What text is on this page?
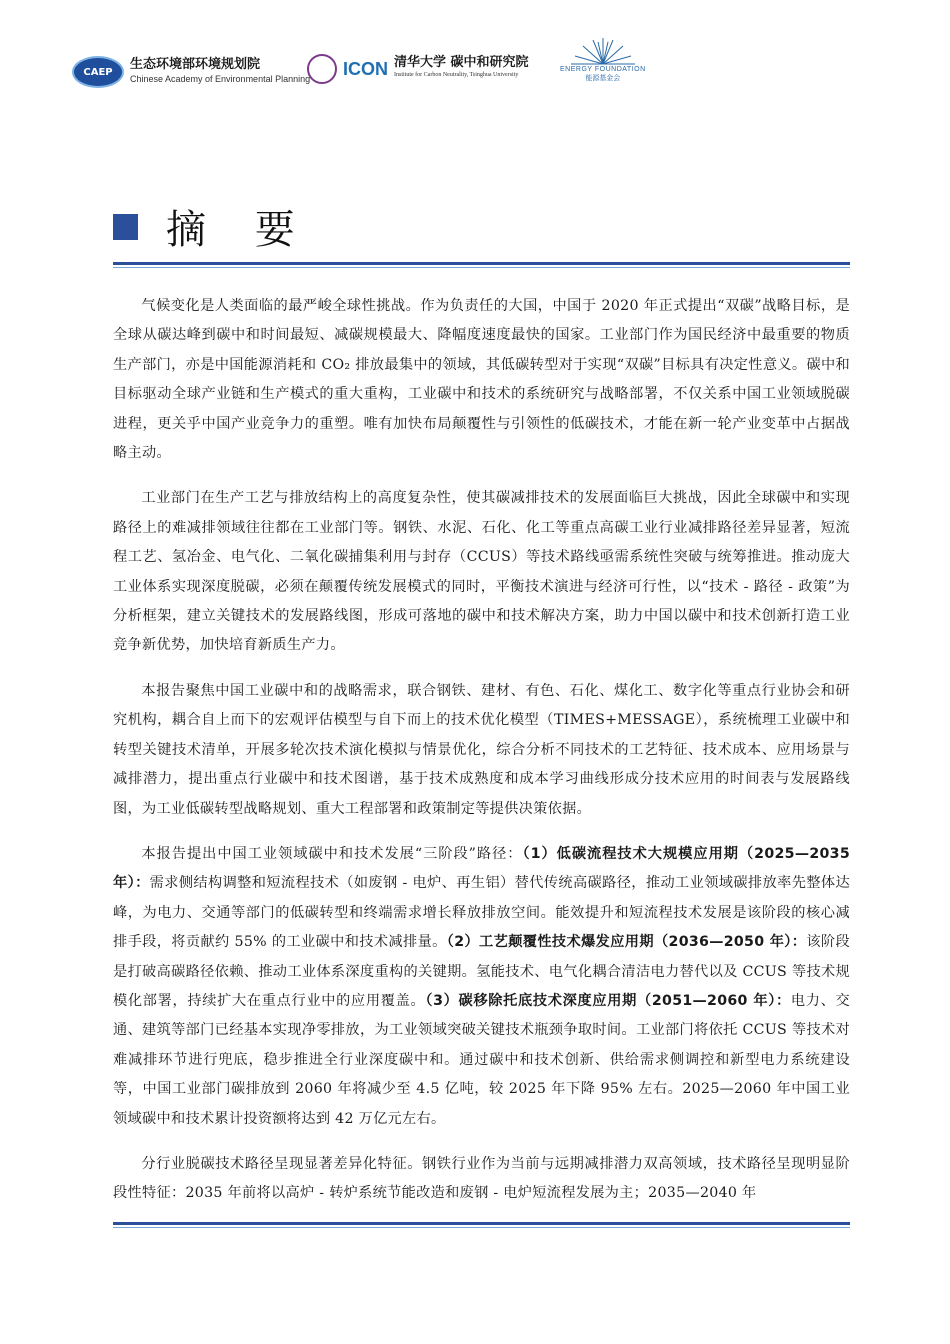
CAEP	生态环境部环境规划院
Chinese Academy of Environmental Planning
ICON 清华大学 碳中和研究院
Institute for Carbon Neutrality, Tsinghua University
ENERGY FOUNDATION
能源基金会
摘 要

气候变化是人类面临的最严峻全球性挑战。作为负责任的大国，中国于 2020 年正式提出“双碳”战略目标，是全球从碳达峰到碳中和时间最短、减碳规模最大、降幅度速度最快的国家。工业部门作为国民经济中最重要的物质生产部门，亦是中国能源消耗和 CO₂ 排放最集中的领域，其低碳转型对于实现“双碳”目标具有决定性意义。碳中和目标驱动全球产业链和生产模式的重大重构，工业碳中和技术的系统研究与战略部署，不仅关系中国工业领域脱碳进程，更关乎中国产业竞争力的重塑。唯有加快布局颠覆性与引领性的低碳技术，才能在新一轮产业变革中占据战略主动。

工业部门在生产工艺与排放结构上的高度复杂性，使其碳减排技术的发展面临巨大挑战，因此全球碳中和实现路径上的难减排领域往往都在工业部门等。钢铁、水泥、石化、化工等重点高碳工业行业减排路径差异显著，短流程工艺、氢冶金、电气化、二氧化碳捕集利用与封存（CCUS）等技术路线亟需系统性突破与统筹推进。推动庞大工业体系实现深度脱碳，必须在颠覆传统发展模式的同时，平衡技术演进与经济可行性，以“技术 - 路径 - 政策”为分析框架，建立关键技术的发展路线图，形成可落地的碳中和技术解决方案，助力中国以碳中和技术创新打造工业竞争新优势，加快培育新质生产力。

本报告聚焦中国工业碳中和的战略需求，联合钢铁、建材、有色、石化、煤化工、数字化等重点行业协会和研究机构，耦合自上而下的宏观评估模型与自下而上的技术优化模型（TIMES+MESSAGE），系统梳理工业碳中和转型关键技术清单，开展多轮次技术演化模拟与情景优化，综合分析不同技术的工艺特征、技术成本、应用场景与减排潜力，提出重点行业碳中和技术图谱，基于技术成熟度和成本学习曲线形成分技术应用的时间表与发展路线图，为工业低碳转型战略规划、重大工程部署和政策制定等提供决策依据。

本报告提出中国工业领域碳中和技术发展“三阶段”路径：（1）低碳流程技术大规模应用期（2025—2035 年）：需求侧结构调整和短流程技术（如废钢 - 电炉、再生铝）替代传统高碳路径，推动工业领域碳排放率先整体达峰，为电力、交通等部门的低碳转型和终端需求增长释放排放空间。能效提升和短流程技术发展是该阶段的核心减排手段，将贡献约 55% 的工业碳中和技术减排量。（2）工艺颠覆性技术爆发应用期（2036—2050 年）：该阶段是打破高碳路径依赖、推动工业体系深度重构的关键期。氢能技术、电气化耦合清洁电力替代以及 CCUS 等技术规模化部署，持续扩大在重点行业中的应用覆盖。（3）碳移除托底技术深度应用期（2051—2060 年）：电力、交通、建筑等部门已经基本实现净零排放，为工业领域突破关键技术瓶颈争取时间。工业部门将依托 CCUS 等技术对难减排环节进行兜底，稳步推进全行业深度碳中和。通过碳中和技术创新、供给需求侧调控和新型电力系统建设等，中国工业部门碳排放到 2060 年将减少至 4.5 亿吨，较 2025 年下降 95% 左右。2025—2060 年中国工业领域碳中和技术累计投资额将达到 42 万亿元左右。

分行业脱碳技术路径呈现显著差异化特征。钢铁行业作为当前与远期减排潜力双高领域，技术路径呈现明显阶段性特征：2035 年前将以高炉 - 转炉系统节能改造和废钢 - 电炉短流程发展为主；2035—2040 年
